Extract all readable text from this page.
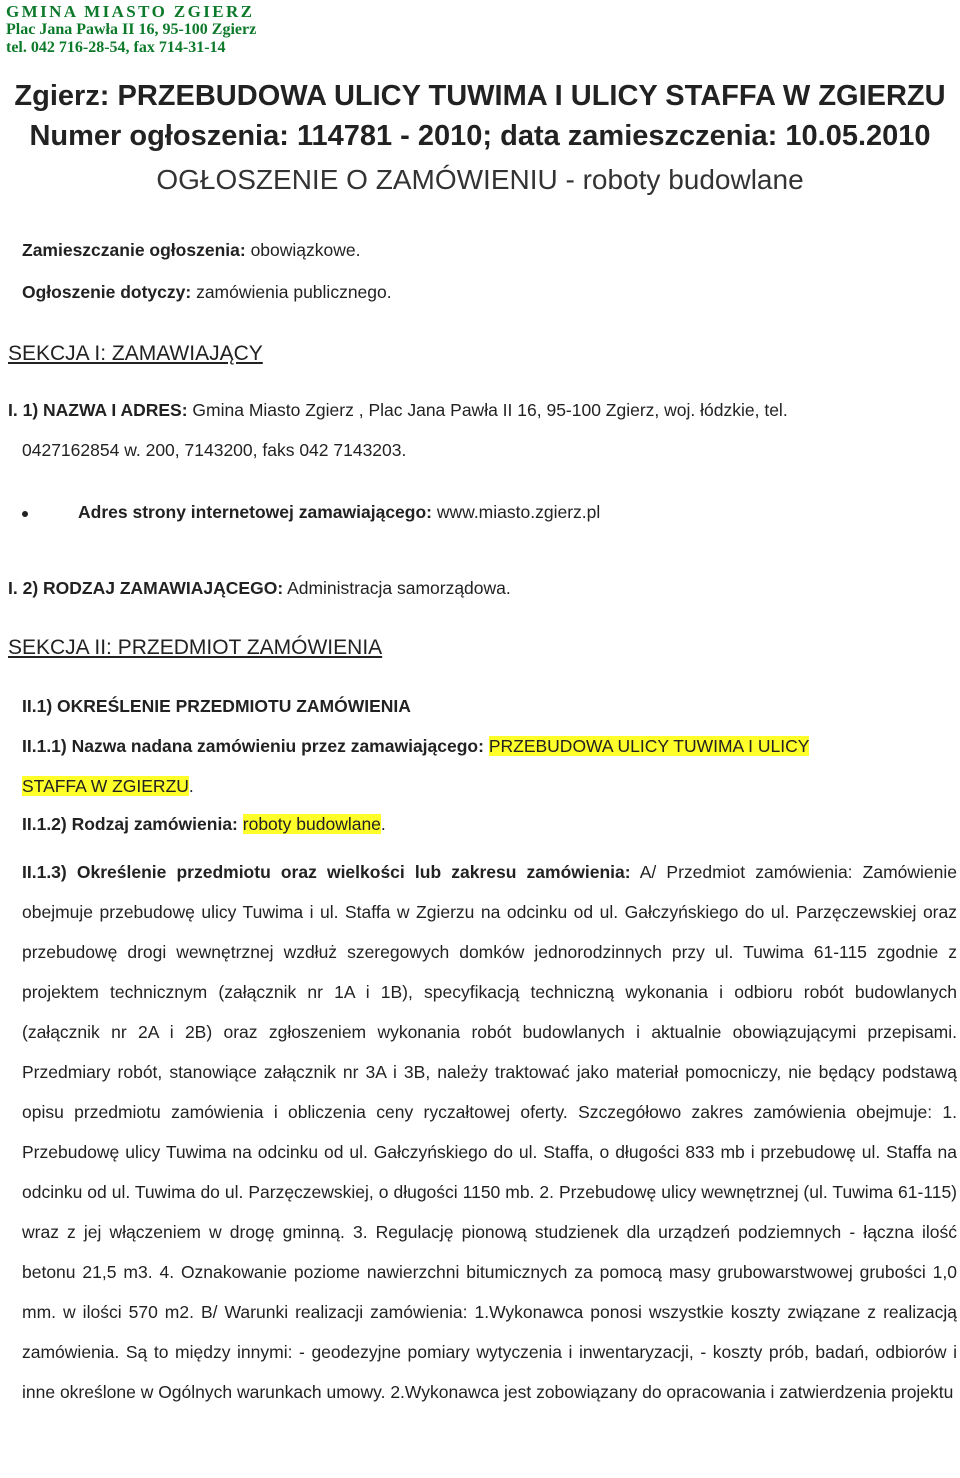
GMINA MIASTO ZGIERZ
Plac Jana Pawła II 16, 95-100 Zgierz
tel. 042 716-28-54, fax 714-31-14
Zgierz: PRZEBUDOWA ULICY TUWIMA I ULICY STAFFA W ZGIERZU
Numer ogłoszenia: 114781 - 2010; data zamieszczenia: 10.05.2010
OGŁOSZENIE O ZAMÓWIENIU - roboty budowlane
Zamieszczanie ogłoszenia: obowiązkowe.
Ogłoszenie dotyczy: zamówienia publicznego.
SEKCJA I: ZAMAWIAJĄCY
I. 1) NAZWA I ADRES: Gmina Miasto Zgierz , Plac Jana Pawła II 16, 95-100 Zgierz, woj. łódzkie, tel.
0427162854 w. 200, 7143200, faks 042 7143203.
Adres strony internetowej zamawiającego: www.miasto.zgierz.pl
I. 2) RODZAJ ZAMAWIAJĄCEGO: Administracja samorządowa.
SEKCJA II: PRZEDMIOT ZAMÓWIENIA
II.1) OKREŚLENIE PRZEDMIOTU ZAMÓWIENIA
II.1.1) Nazwa nadana zamówieniu przez zamawiającego: PRZEBUDOWA ULICY TUWIMA I ULICY
STAFFA W ZGIERZU.
II.1.2) Rodzaj zamówienia: roboty budowlane.
II.1.3) Określenie przedmiotu oraz wielkości lub zakresu zamówienia: A/ Przedmiot zamówienia: Zamówienie obejmuje przebudowę ulicy Tuwima i ul. Staffa w Zgierzu na odcinku od ul. Gałczyńskiego do ul. Parzęczewskiej oraz przebudowę drogi wewnętrznej wzdłuż szeregowych domków jednorodzinnych przy ul. Tuwima 61-115 zgodnie z projektem technicznym (załącznik nr 1A i 1B), specyfikacją techniczną wykonania i odbioru robót budowlanych (załącznik nr 2A i 2B) oraz zgłoszeniem wykonania robót budowlanych i aktualnie obowiązującymi przepisami. Przedmiary robót, stanowiące załącznik nr 3A i 3B, należy traktować jako materiał pomocniczy, nie będący podstawą opisu przedmiotu zamówienia i obliczenia ceny ryczałtowej oferty. Szczegółowo zakres zamówienia obejmuje: 1. Przebudowę ulicy Tuwima na odcinku od ul. Gałczyńskiego do ul. Staffa, o długości 833 mb i przebudowę ul. Staffa na odcinku od ul. Tuwima do ul. Parzęczewskiej, o długości 1150 mb. 2. Przebudowę ulicy wewnętrznej (ul. Tuwima 61-115) wraz z jej włączeniem w drogę gminną. 3. Regulację pionową studzienek dla urządzeń podziemnych - łączna ilość betonu 21,5 m3. 4. Oznakowanie poziome nawierzchni bitumicznych za pomocą masy grubowarstwowej grubości 1,0 mm. w ilości 570 m2. B/ Warunki realizacji zamówienia: 1.Wykonawca ponosi wszystkie koszty związane z realizacją zamówienia. Są to między innymi: - geodezyjne pomiary wytyczenia i inwentaryzacji, - koszty prób, badań, odbiorów i inne określone w Ogólnych warunkach umowy. 2.Wykonawca jest zobowiązany do opracowania i zatwierdzenia projektu
